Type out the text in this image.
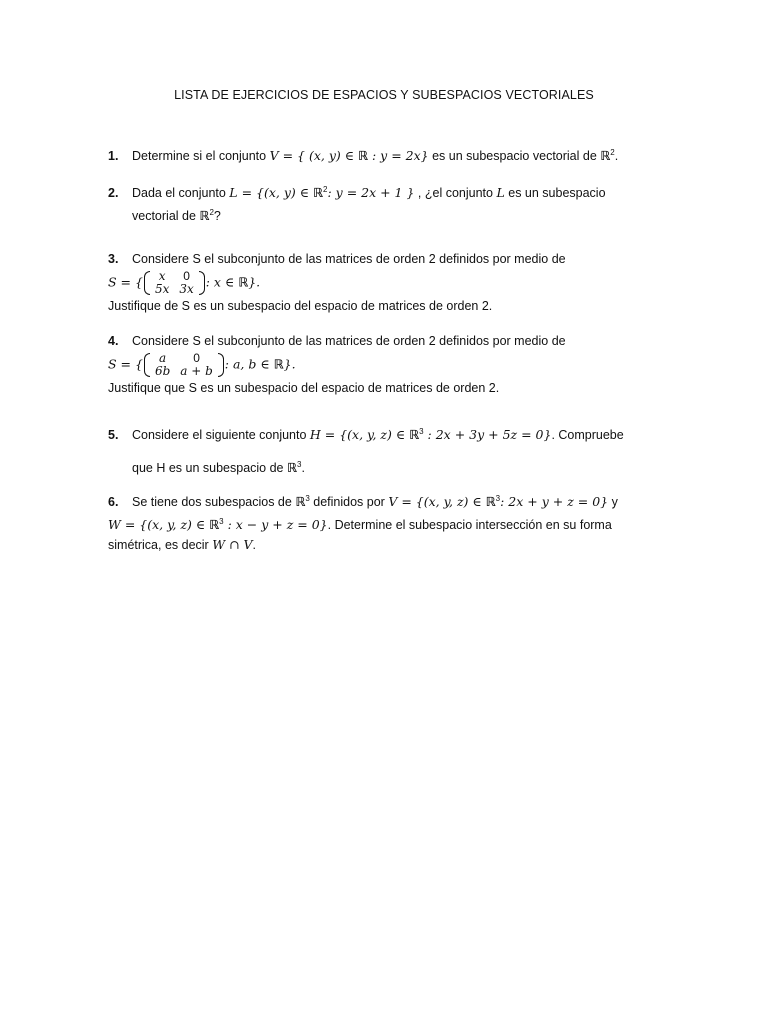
LISTA DE EJERCICIOS DE ESPACIOS Y SUBESPACIOS VECTORIALES
1. Determine si el conjunto V = { (x, y) ∈ ℝ : y = 2x} es un subespacio vectorial de ℝ$^2$.
2. Dada el conjunto L = {(x, y) ∈ ℝ$^2$: y = 2x + 1 } , ¿el conjunto L es un subespacio
vectorial de ℝ$^2$?
3. Considere S el subconjunto de las matrices de orden 2 definidos por medio de
S = { x	0
5x	3x : x ∈ ℝ}.
Justifique de S es un subespacio del espacio de matrices de orden 2.
4. Considere S el subconjunto de las matrices de orden 2 definidos por medio de
S = { a	0
6b	a + b : a, b ∈ ℝ}.
Justifique que S es un subespacio del espacio de matrices de orden 2.
5. Considere el siguiente conjunto H = {(x, y, z) ∈ ℝ$^3$ : 2x + 3y + 5z = 0}. Compruebe
que H es un subespacio de ℝ$^3$.
6. Se tiene dos subespacios de ℝ$^3$ definidos por V = {(x, y, z) ∈ ℝ$^3$: 2x + y + z = 0} y
W = {(x, y, z) ∈ ℝ$^3$ : x − y + z = 0}. Determine el subespacio intersección en su forma
simétrica, es decir W ∩ V.
